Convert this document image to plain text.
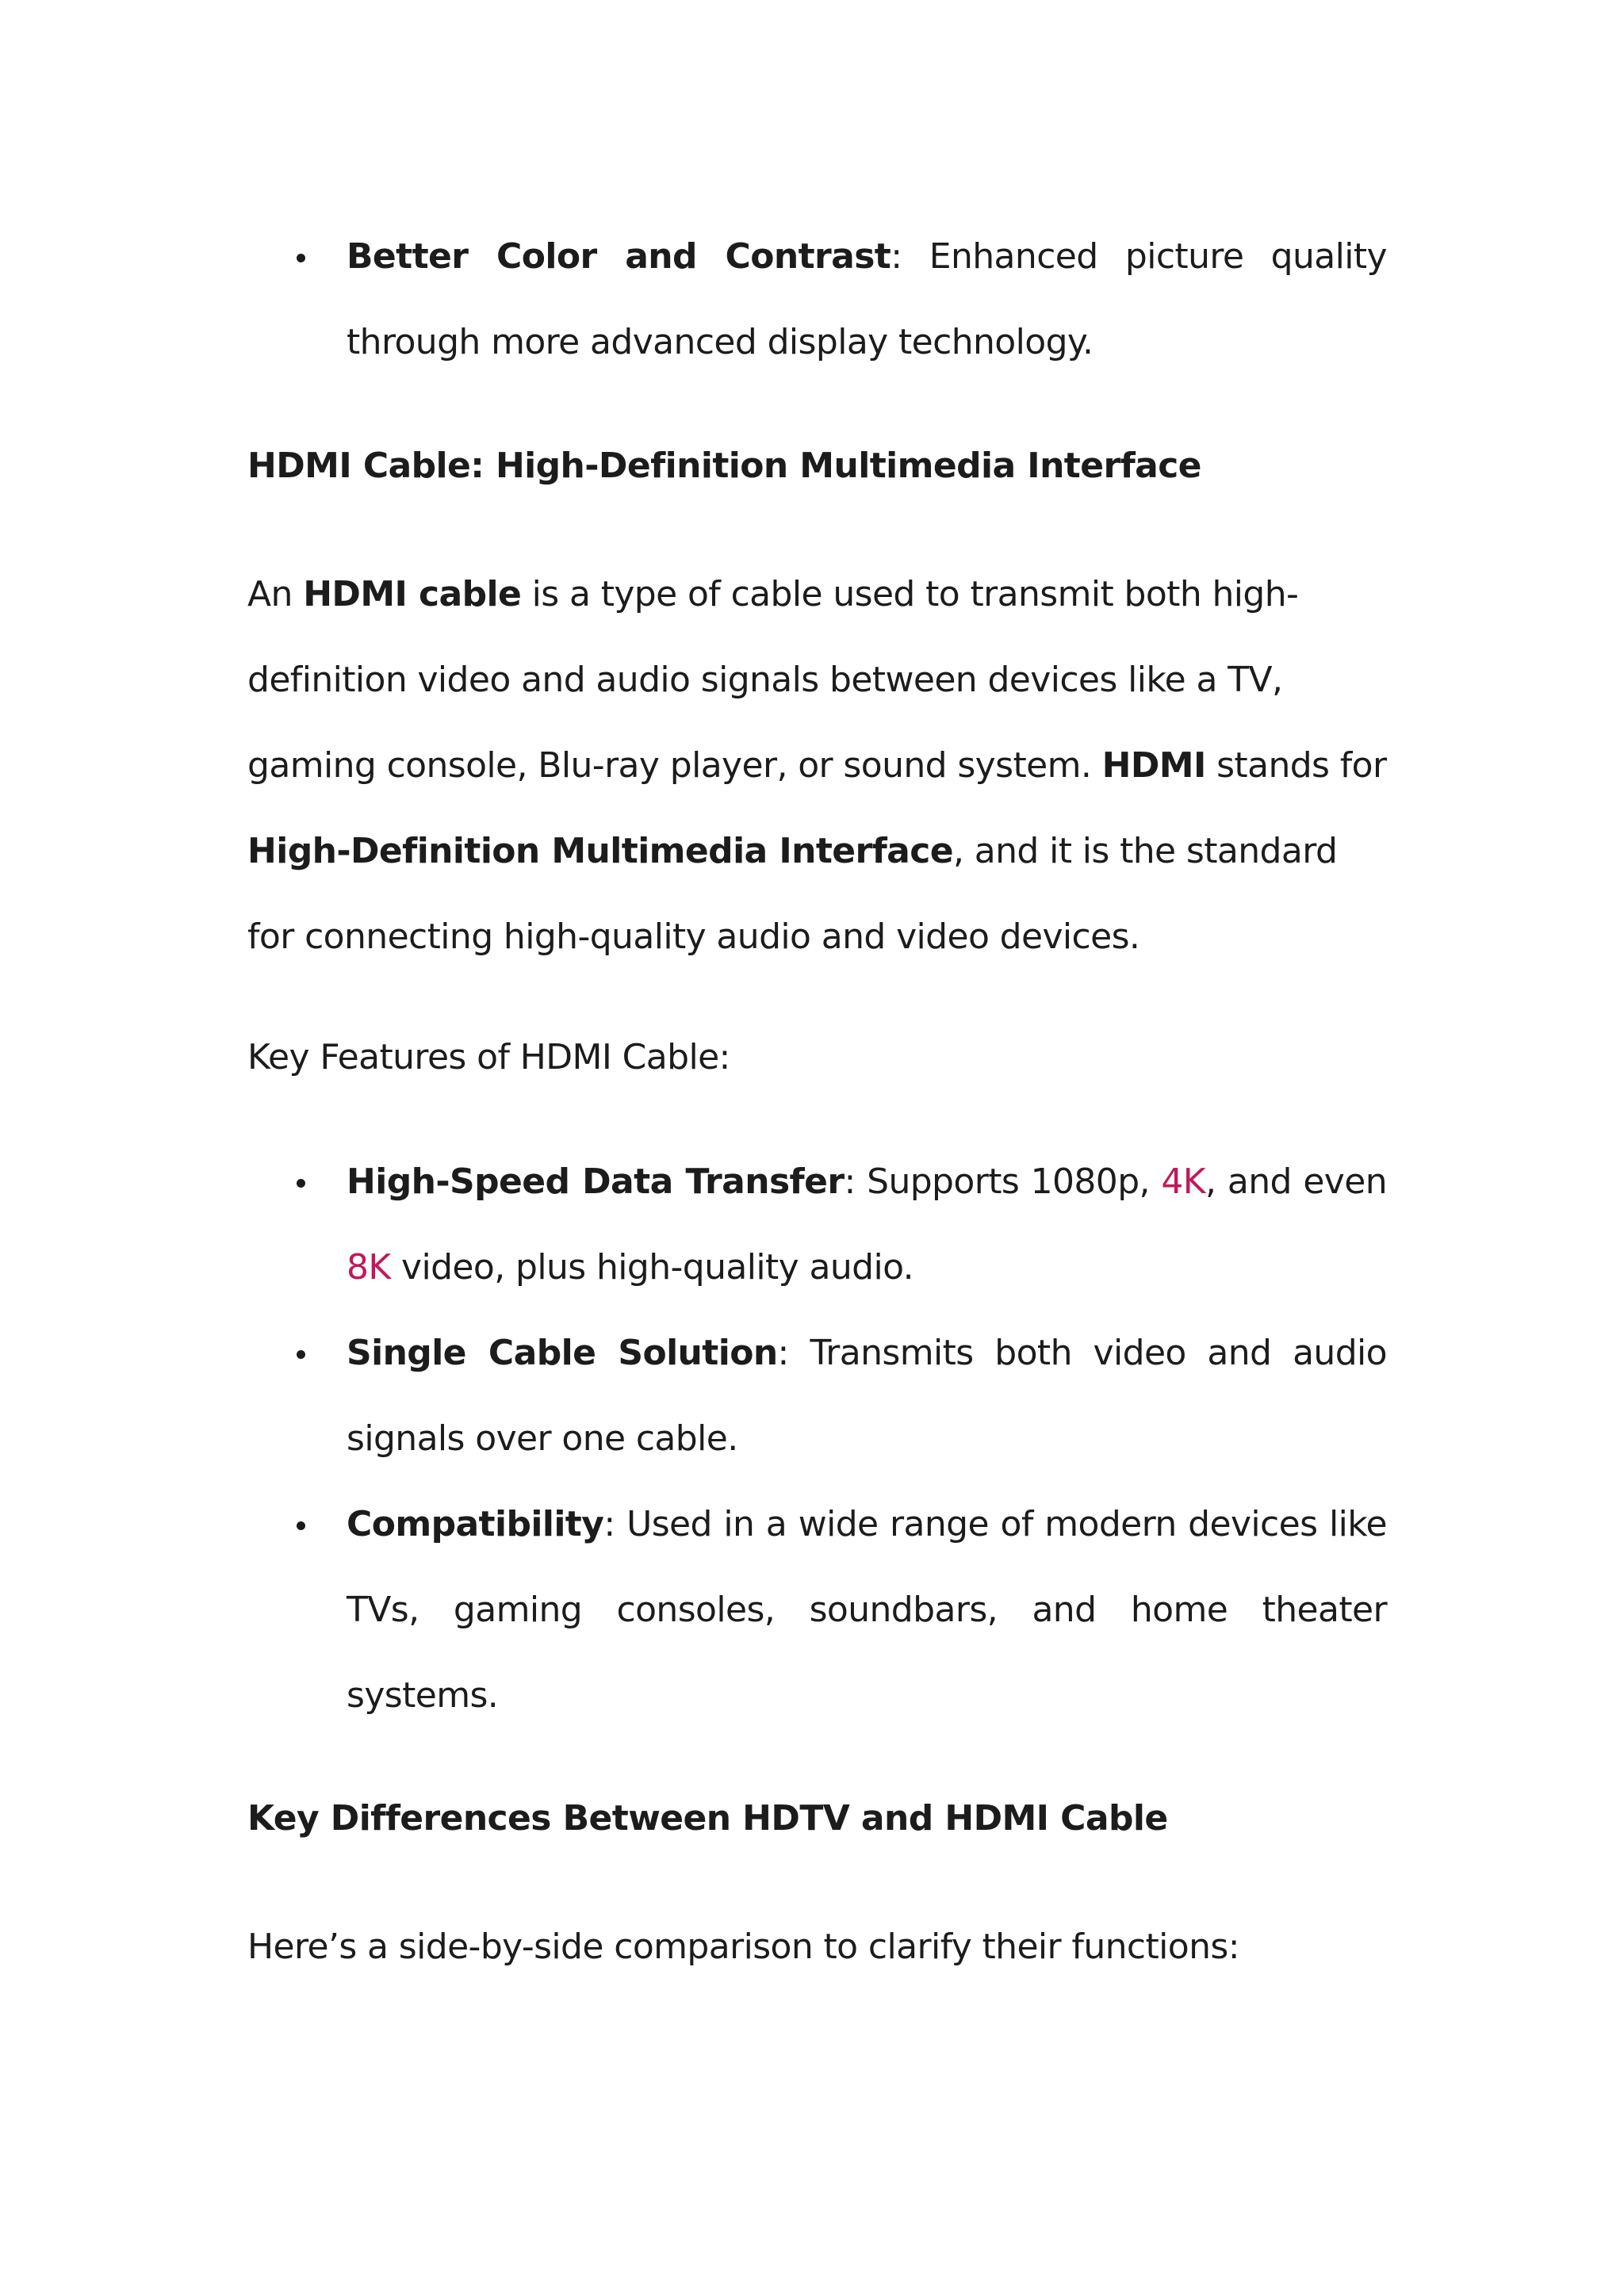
Better Color and Contrast: Enhanced picture quality through more advanced display technology.
HDMI Cable: High-Definition Multimedia Interface

An HDMI cable is a type of cable used to transmit both high-definition video and audio signals between devices like a TV, gaming console, Blu-ray player, or sound system. HDMI stands for High-Definition Multimedia Interface, and it is the standard for connecting high-quality audio and video devices.

Key Features of HDMI Cable:

High-Speed Data Transfer: Supports 1080p, 4K, and even 8K video, plus high-quality audio.
Single Cable Solution: Transmits both video and audio signals over one cable.
Compatibility: Used in a wide range of modern devices like TVs, gaming consoles, soundbars, and home theater systems.
Key Differences Between HDTV and HDMI Cable

Here’s a side-by-side comparison to clarify their functions:
